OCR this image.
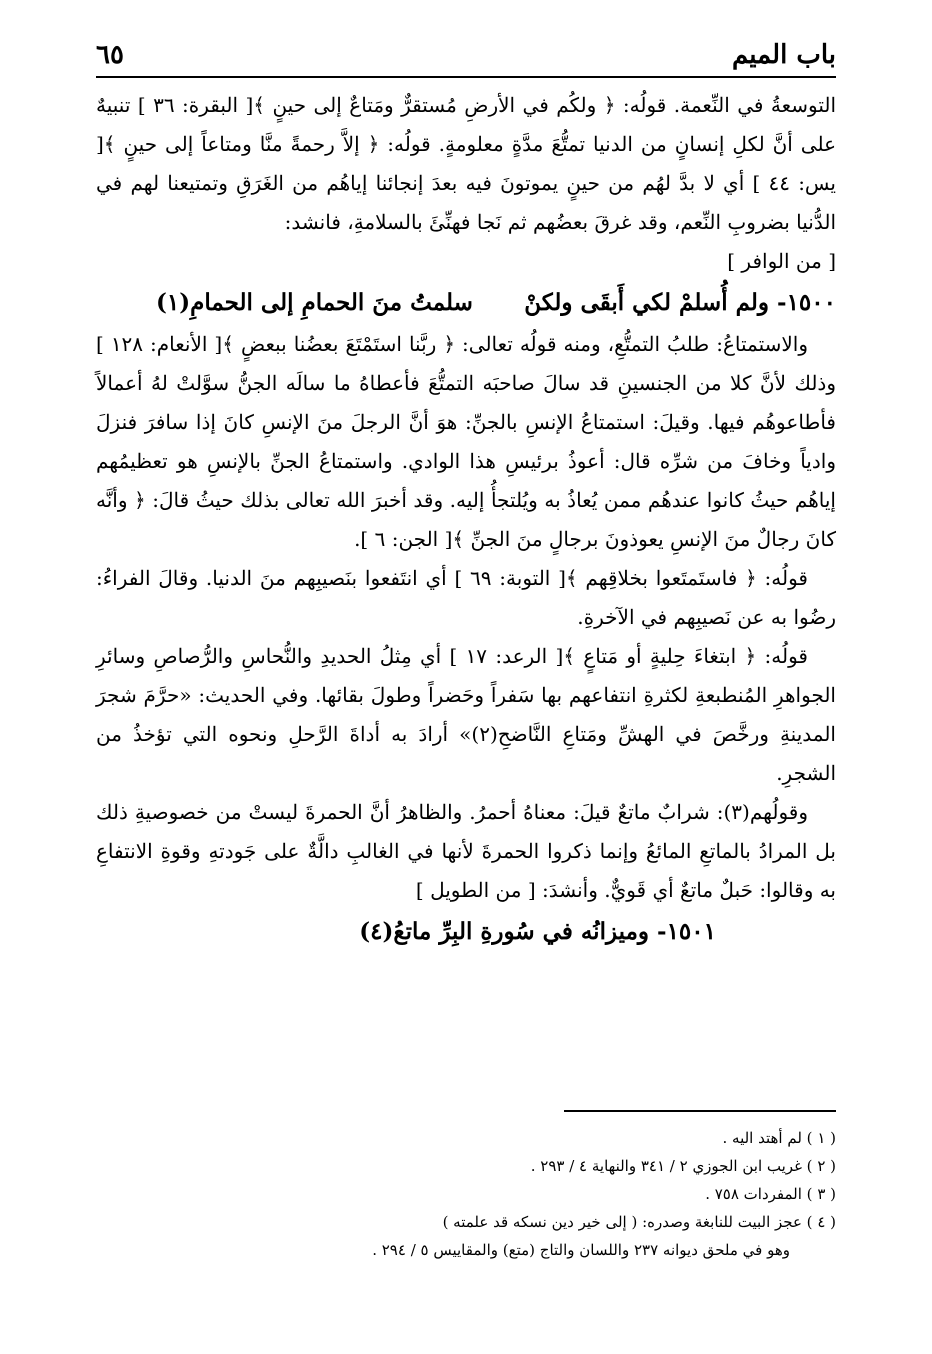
٦٥	باب الميم

التوسعةُ في النِّعمة. قولُه: ﴿ ولكُم في الأرضِ مُستقرٌّ ومَتاعٌ إلى حينٍ ﴾[ البقرة: ٣٦ ] تنبيهٌ على أنَّ لكلِ إنسانٍ من الدنيا تمتُّعَ مدَّةٍ معلومةٍ. قولُه: ﴿ إلاَّ رحمةً منَّا ومتاعاً إلى حينٍ ﴾[ يس: ٤٤ ] أي لا بدَّ لهُم من حينٍ يموتونَ فيه بعدَ إنجائنا إياهُم من الغَرَقِ وتمتيعنا لهم في الدُّنيا بضروبِ النِّعم، وقد غرقَ بعضُهم ثم نَجا فهنِّئَ بالسلامةِ، فانشد:

[ من الوافر ]

١٥٠٠- ولم أُسلمْ لكي أَبقَى ولكنْ
سلمتُ منَ الحمامِ إلى الحمامِ(١)

والاستمتاعُ: طلبُ التمتُّعِ، ومنه قولُه تعالى: ﴿ ربَّنا استَمْتَعَ بعضُنا ببعضٍ ﴾[ الأنعام: ١٢٨ ] وذلك لأنَّ كلا من الجنسينِ قد سالَ صاحبَه التمتُّعَ فأعطاهُ ما سالَه الجنُّ سوَّلتْ لهُ أعمالاً فأطاعوهُم فيها. وقيلَ: استمتاعُ الإنسِ بالجنِّ: هوَ أنَّ الرجلَ منَ الإنسِ كانَ إذا سافرَ فنزلَ وادياً وخافَ من شرِّه قال: أعوذُ برئيسِ هذا الوادي. واستمتاعُ الجنِّ بالإنسِ هو تعظيمُهم إياهُم حيثُ كانوا عندهُم ممن يُعاذُ به ويُلتجأُ إليه. وقد أخبرَ الله تعالى بذلك حيثُ قالَ: ﴿ وأنَّه كانَ رجالٌ منَ الإنسِ يعوذونَ برجالٍ منَ الجنِّ ﴾[ الجن: ٦ ].

قولُه: ﴿ فاستَمتَعوا بخلاقِهم ﴾[ التوبة: ٦٩ ] أي انتَفعوا بنَصيبِهم منَ الدنيا. وقالَ الفراءُ: رضُوا به عن نَصيبِهم في الآخرةِ.

قولُه: ﴿ ابتغاءَ حِليةٍ أو مَتاعٍ ﴾[ الرعد: ١٧ ] أي مِثلُ الحديدِ والنُّحاسِ والرُّصاصِ وسائرِ الجواهرِ المُنطبعةِ لكثرةِ انتفاعهم بها سَفراً وحَضراً وطولَ بقائها. وفي الحديث: «حرَّمَ شجرَ المدينةِ ورخَّصَ في الهشِّ ومَتاعِ النَّاضحِ(٢)» أرادَ به أداةَ الرَّحلِ ونحوه التي تؤخذُ من الشجرِ.

وقولُهم(٣): شرابٌ ماتعٌ قيلَ: معناهُ أحمرُ. والظاهرُ أنَّ الحمرةَ ليستْ من خصوصيةِ ذلك بل المرادُ بالماتعِ المائعُ وإنما ذكروا الحمرةَ لأنها في الغالبِ دالَّةٌ على جَودتهِ وقوةِ الانتفاعِ به وقالوا: حَبلٌ ماتعٌ أي قَويٌّ. وأنشدَ: [ من الطويل ]

١٥٠١- وميزانُه في سُورةِ البِرِّ ماتعُ(٤)

( ١ ) لم أهتد اليه .

( ٢ ) غريب ابن الجوزي ٢ / ٣٤١ والنهاية ٤ / ٢٩٣ .

( ٣ ) المفردات ٧٥٨ .

( ٤ ) عجز البيت للنابغة وصدره: ( إلى خير دين نسكه قد علمته )

وهو في ملحق ديوانه ٢٣٧ واللسان والتاج (متع) والمقاييس ٥ / ٢٩٤ .
